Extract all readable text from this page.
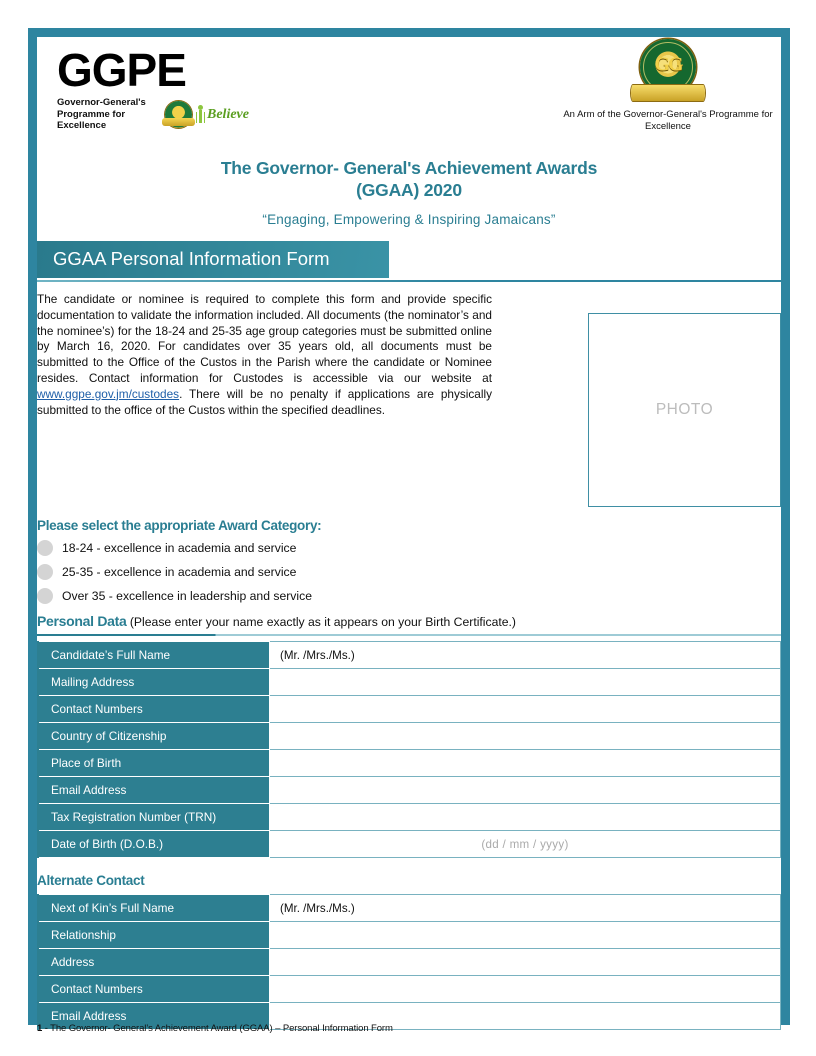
GGPE
Governor-General's
Programme for
Excellence
Believe
GG
An Arm of the Governor-General's Programme for Excellence
The Governor- General's Achievement Awards
(GGAA) 2020
“Engaging, Empowering & Inspiring Jamaicans”
GGAA Personal Information Form
The candidate or nominee is required to complete this form and provide specific documentation to validate the information included. All documents (the nominator’s and the nominee’s) for the 18-24 and 25-35 age group categories must be submitted online by March 16, 2020. For candidates over 35 years old, all documents must be submitted to the Office of the Custos in the Parish where the candidate or Nominee resides. Contact information for Custodes is accessible via our website at www.ggpe.gov.jm/custodes. There will be no penalty if applications are physically submitted to the office of the Custos within the specified deadlines.	PHOTO
Please select the appropriate Award Category:
18-24 - excellence in academia and service
25-35 - excellence in academia and service
Over 35 - excellence in leadership and service
Personal Data (Please enter your name exactly as it appears on your Birth Certificate.)
Candidate’s Full Name	(Mr. /Mrs./Ms.)
Mailing Address	
Contact Numbers	
Country of Citizenship	
Place of Birth	
Email Address	
Tax Registration Number (TRN)	
Date of Birth (D.O.B.)	(dd / mm / yyyy)
Alternate Contact
Next of Kin’s Full Name	(Mr. /Mrs./Ms.)
Relationship	
Address	
Contact Numbers	
Email Address	
1 - The Governor- General’s Achievement Award (GGAA) – Personal Information Form
